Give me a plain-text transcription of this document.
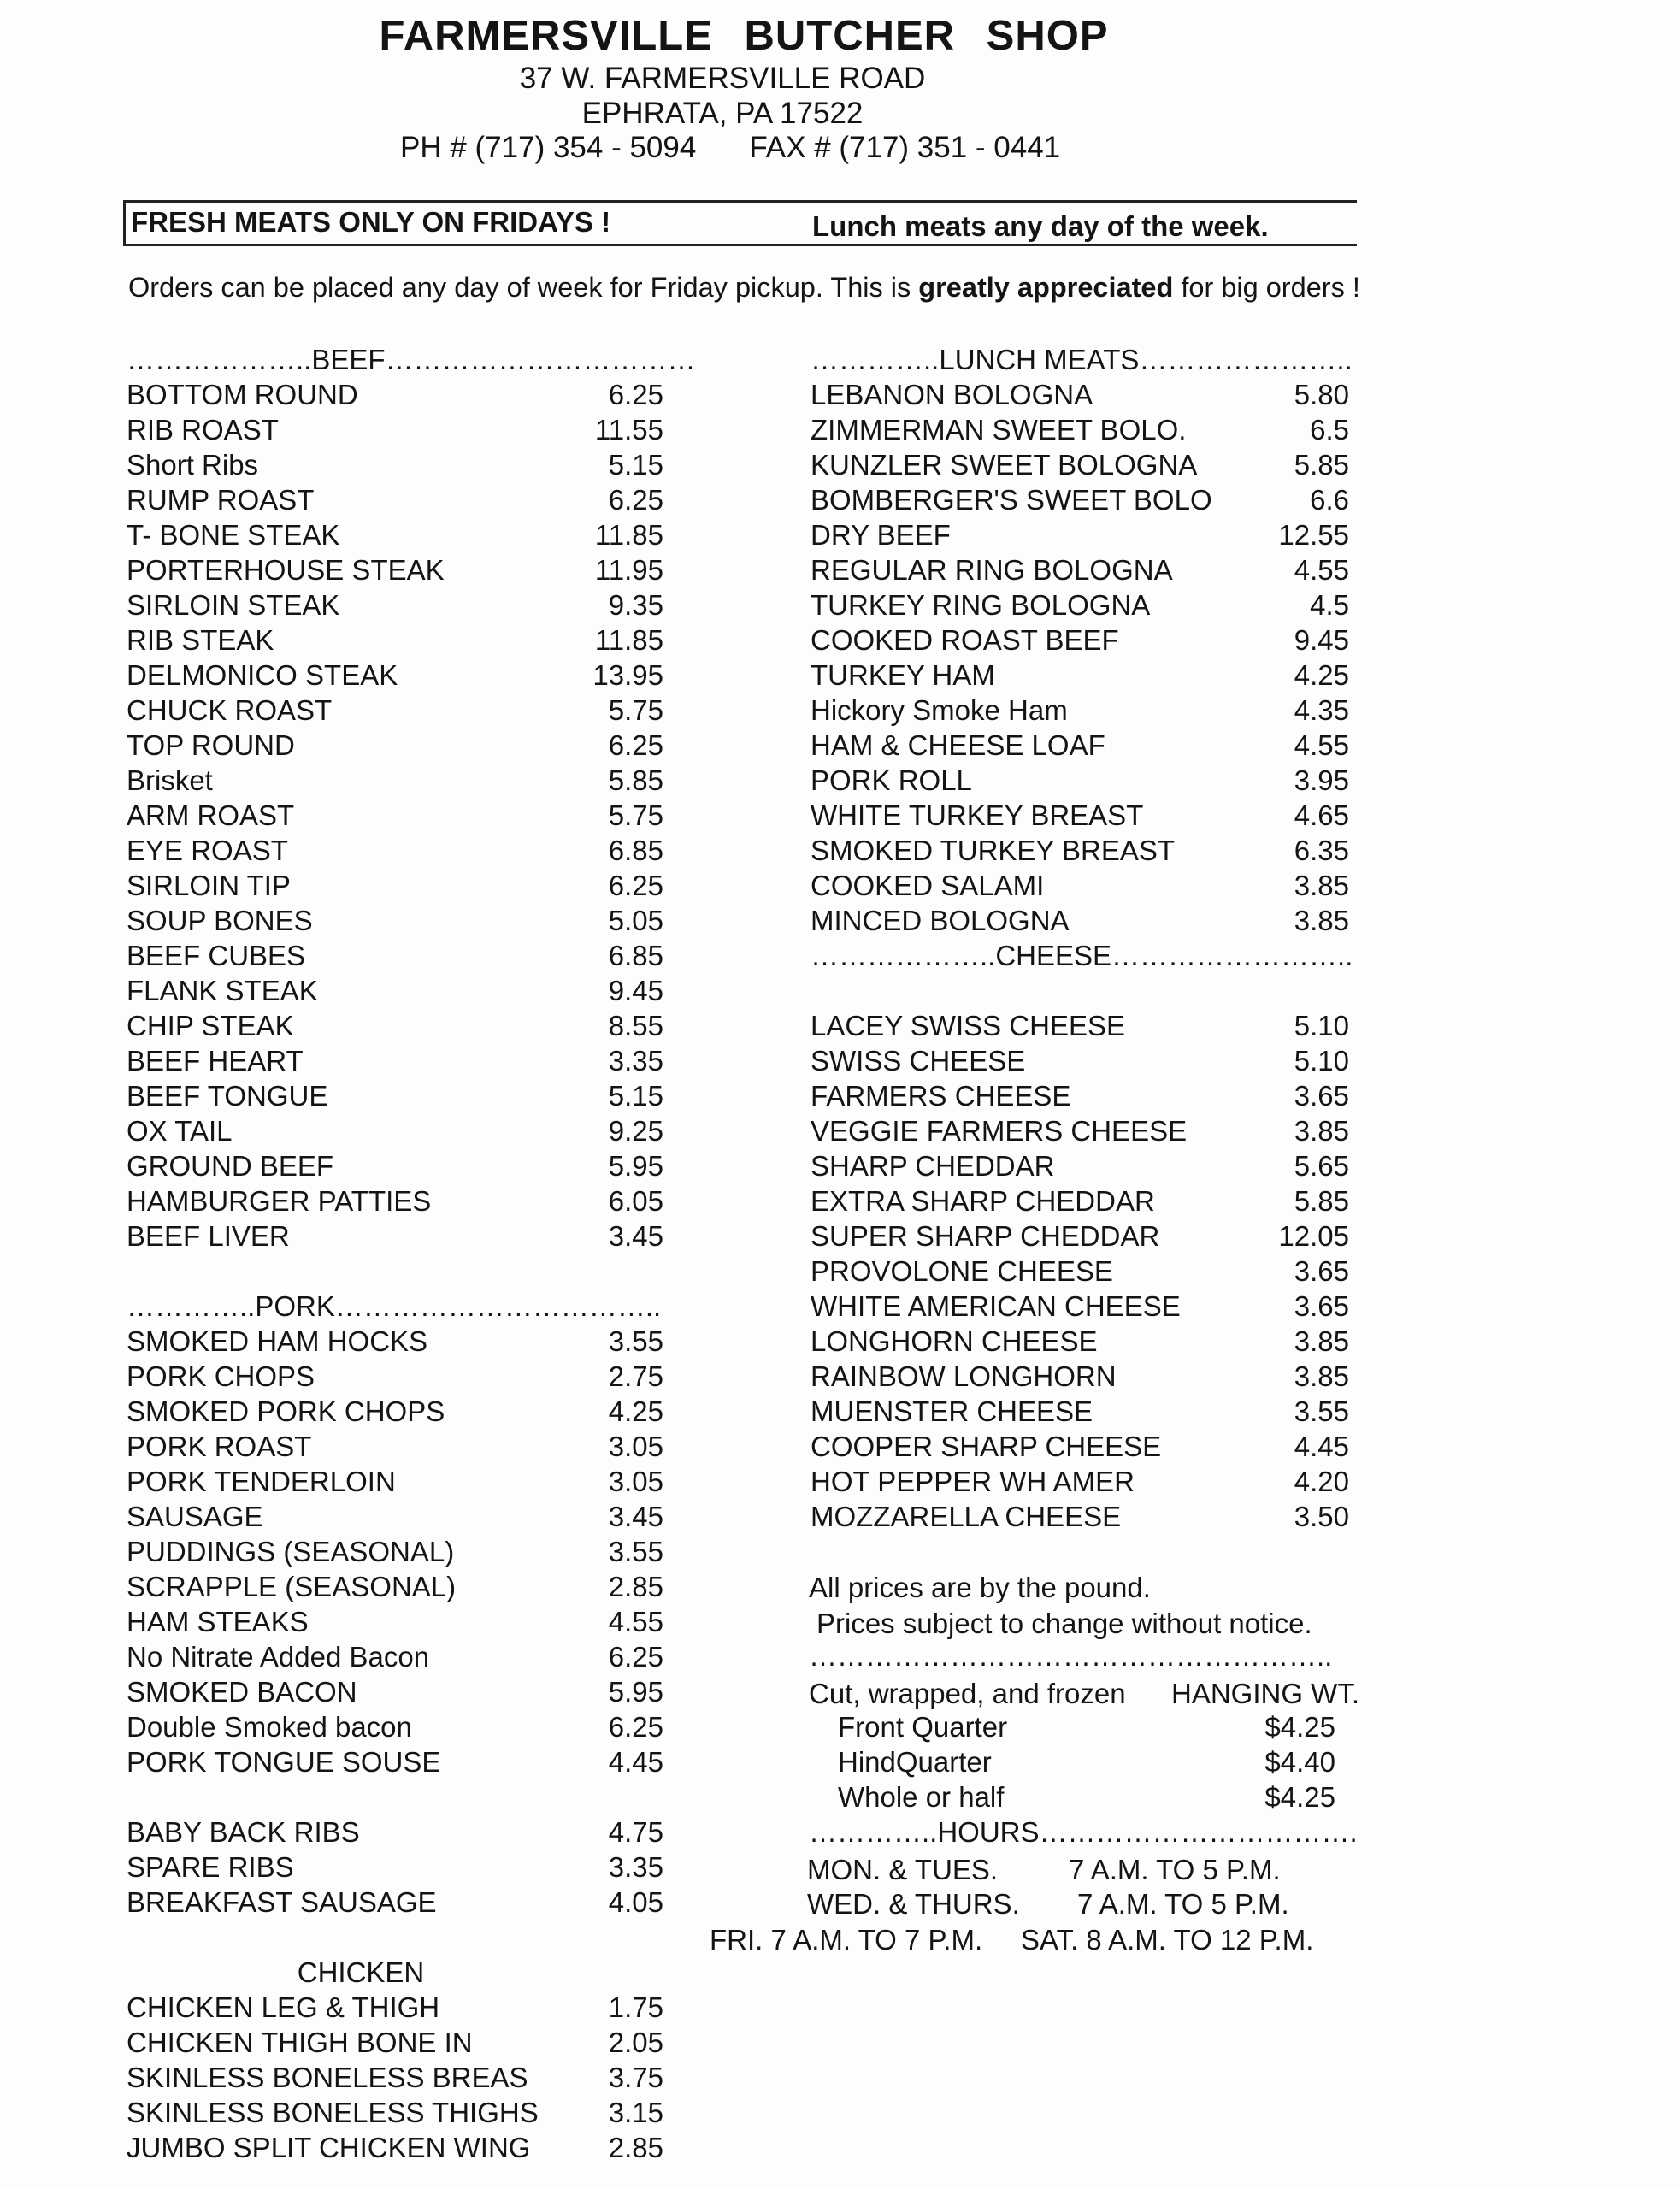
FARMERSVILLE BUTCHER SHOP
37 W. FARMERSVILLE ROAD
EPHRATA, PA 17522
PH # (717) 354 - 5094 FAX # (717) 351 - 0441
FRESH MEATS ONLY ON FRIDAYS !	Lunch meats any day of the week.
Orders can be placed any day of week for Friday pickup. This is greatly appreciated for big orders !
………………..BEEF……………………………
BOTTOM ROUND	6.25
RIB ROAST	11.55
Short Ribs	5.15
RUMP ROAST	6.25
T- BONE STEAK	11.85
PORTERHOUSE STEAK	11.95
SIRLOIN STEAK	9.35
RIB STEAK	11.85
DELMONICO STEAK	13.95
CHUCK ROAST	5.75
TOP ROUND	6.25
Brisket	5.85
ARM ROAST	5.75
EYE ROAST	6.85
SIRLOIN TIP	6.25
SOUP BONES	5.05
BEEF CUBES	6.85
FLANK STEAK	9.45
CHIP STEAK	8.55
BEEF HEART	3.35
BEEF TONGUE	5.15
OX TAIL	9.25
GROUND BEEF	5.95
HAMBURGER PATTIES	6.05
BEEF LIVER	3.45
…………..PORK……………………………..
SMOKED HAM HOCKS	3.55
PORK CHOPS	2.75
SMOKED PORK CHOPS	4.25
PORK ROAST	3.05
PORK TENDERLOIN	3.05
SAUSAGE	3.45
PUDDINGS (SEASONAL)	3.55
SCRAPPLE (SEASONAL)	2.85
HAM STEAKS	4.55
No Nitrate Added Bacon	6.25
SMOKED BACON	5.95
Double Smoked bacon	6.25
PORK TONGUE SOUSE	4.45
BABY BACK RIBS	4.75
SPARE RIBS	3.35
BREAKFAST SAUSAGE	4.05
CHICKEN
CHICKEN LEG & THIGH	1.75
CHICKEN THIGH BONE IN	2.05
SKINLESS BONELESS BREAS	3.75
SKINLESS BONELESS THIGHS 3.15
JUMBO SPLIT CHICKEN WING	2.85
…………..LUNCH MEATS…………………..
LEBANON BOLOGNA	5.80
ZIMMERMAN SWEET BOLO.	6.5
KUNZLER SWEET BOLOGNA	5.85
BOMBERGER'S SWEET BOLO	6.6
DRY BEEF	12.55
REGULAR RING BOLOGNA	4.55
TURKEY RING BOLOGNA	4.5
COOKED ROAST BEEF	9.45
TURKEY HAM	4.25
Hickory Smoke Ham	4.35
HAM & CHEESE LOAF	4.55
PORK ROLL	3.95
WHITE TURKEY BREAST	4.65
SMOKED TURKEY BREAST	6.35
COOKED SALAMI	3.85
MINCED BOLOGNA	3.85
………………..CHEESE……………………..
LACEY SWISS CHEESE	5.10
SWISS CHEESE	5.10
FARMERS CHEESE	3.65
VEGGIE FARMERS CHEESE	3.85
SHARP CHEDDAR	5.65
EXTRA SHARP CHEDDAR	5.85
SUPER SHARP CHEDDAR	12.05
PROVOLONE CHEESE	3.65
WHITE AMERICAN CHEESE	3.65
LONGHORN CHEESE	3.85
RAINBOW LONGHORN	3.85
MUENSTER CHEESE	3.55
COOPER SHARP CHEESE	4.45
HOT PEPPER WH AMER	4.20
MOZZARELLA CHEESE	3.50
All prices are by the pound.
Prices subject to change without notice.
………………………………………………..
Cut, wrapped, and frozen HANGING WT.
Front Quarter	$4.25
HindQuarter	$4.40
Whole or half	$4.25
…………..HOURS…………………………….
MON. & TUES.	7 A.M. TO 5 P.M.
WED. & THURS. 7 A.M. TO 5 P.M.
FRI. 7 A.M. TO 7 P.M. SAT. 8 A.M. TO 12 P.M.
